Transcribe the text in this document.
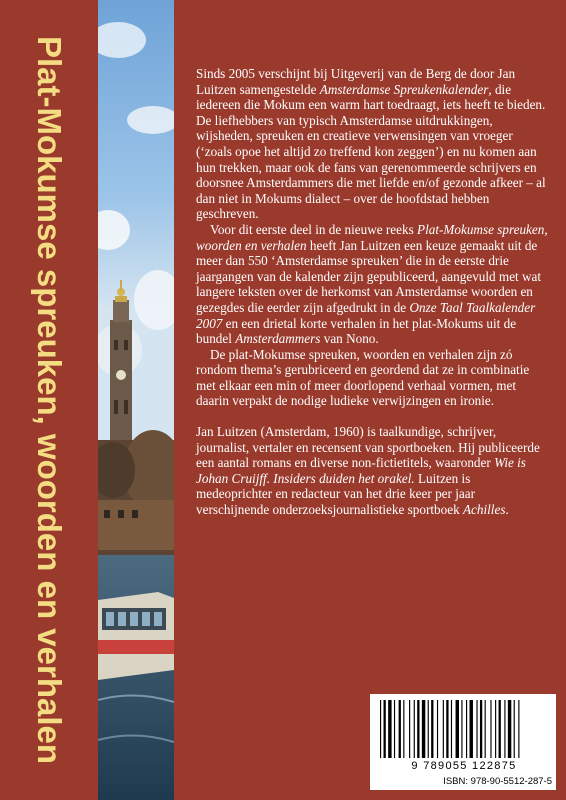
Plat-Mokumse spreuken, woorden en verhalen	Sinds 2005 verschijnt bij Uitgeverij van de Berg de door Jan Luitzen samengestelde Amsterdamse Spreukenkalender, die iedereen die Mokum een warm hart toedraagt, iets heeft te bieden. De liefhebbers van typisch Amsterdamse uitdrukkingen, wijsheden, spreuken en creatieve verwensingen van vroeger (‘zoals opoe het altijd zo treffend kon zeggen’) en nu komen aan hun trekken, maar ook de fans van gerenommeerde schrijvers en doorsnee Amsterdammers die met liefde en/of gezonde afkeer – al dan niet in Mokums dialect – over de hoofdstad hebben geschreven.

Voor dit eerste deel in de nieuwe reeks Plat-Mokumse spreuken, woorden en verhalen heeft Jan Luitzen een keuze gemaakt uit de meer dan 550 ‘Amsterdamse spreuken’ die in de eerste drie jaargangen van de kalender zijn gepubliceerd, aangevuld met wat langere teksten over de herkomst van Amsterdamse woorden en gezegdes die eerder zijn afgedrukt in de Onze Taal Taalkalender 2007 en een drietal korte verhalen in het plat-Mokums uit de bundel Amsterdammers van Nono.

De plat-Mokumse spreuken, woorden en verhalen zijn zó rondom thema’s gerubriceerd en geordend dat ze in combinatie met elkaar een min of meer doorlopend verhaal vormen, met daarin verpakt de nodige ludieke verwijzingen en ironie.

Jan Luitzen (Amsterdam, 1960) is taalkundige, schrijver, journalist, vertaler en recensent van sportboeken. Hij publiceerde een aantal romans en diverse non-fictietitels, waaronder Wie is Johan Cruijff. Insiders duiden het orakel. Luitzen is medeoprichter en redacteur van het drie keer per jaar verschijnende onderzoeksjournalistieke sportboek Achilles.

9 789055 122875
ISBN: 978-90-5512-287-5
